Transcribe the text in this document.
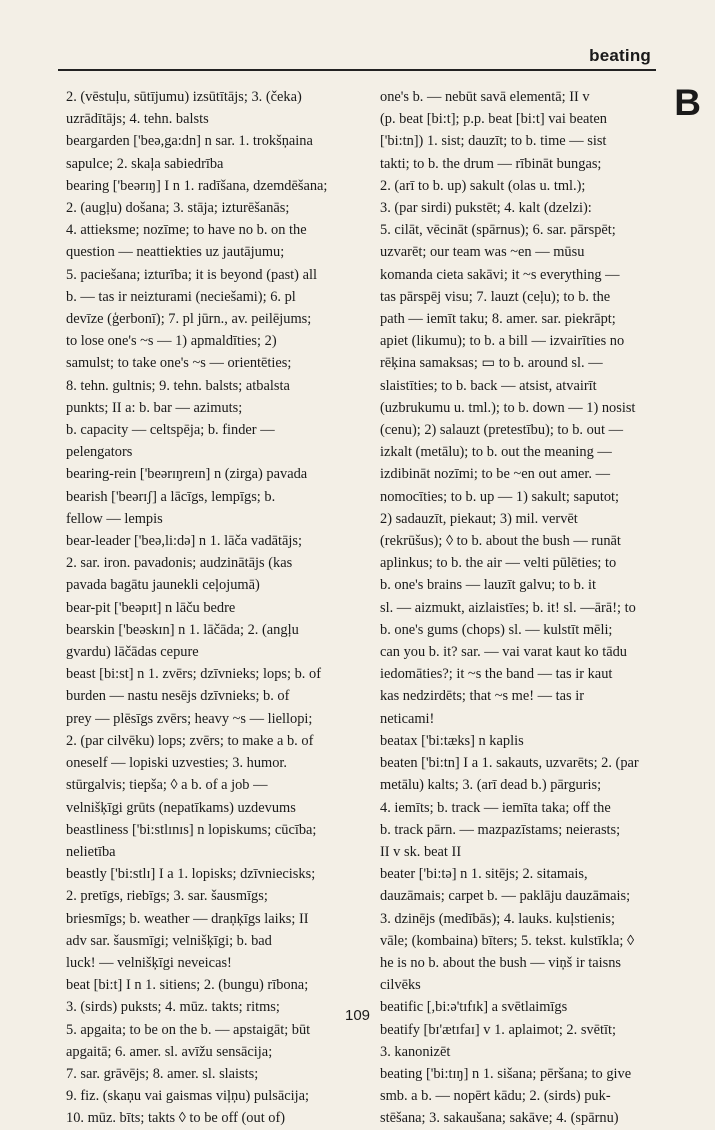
beating
B
2. (vēstuļu, sūtījumu) izsūtītājs; 3. (čeka)
uzrādītājs; 4. tehn. balsts
beargarden ['beə,ga:dn] n sar. 1. trokšņaina
sapulce; 2. skaļa sabiedrība
bearing ['beərɪŋ] I n 1. radīšana, dzemdēšana;
2. (augļu) došana; 3. stāja; izturēšanās;
4. attieksme; nozīme; to have no b. on the
question — neattiekties uz jautājumu;
5. paciešana; izturība; it is beyond (past) all
b. — tas ir neizturami (neciešami); 6. pl
devīze (ģerbonī); 7. pl jūrn., av. peilējums;
to lose one's ~s — 1) apmaldīties; 2)
samulst; to take one's ~s — orientēties;
8. tehn. gultnis; 9. tehn. balsts; atbalsta
punkts; II a: b. bar — azimuts;
b. capacity — celtspēja; b. finder —
pelengators
bearing-rein ['beərɪŋreɪn] n (zirga) pavada
bearish ['beərɪʃ] a lācīgs, lempīgs; b.
fellow — lempis
bear-leader ['beə,li:də] n 1. lāča vadātājs;
2. sar. iron. pavadonis; audzinātājs (kas
pavada bagātu jaunekli ceļojumā)
bear-pit ['beəpɪt] n lāču bedre
bearskin ['beəskɪn] n 1. lāčāda; 2. (angļu
gvardu) lāčādas cepure
beast [bi:st] n 1. zvērs; dzīvnieks; lops; b. of
burden — nastu nesējs dzīvnieks; b. of
prey — plēsīgs zvērs; heavy ~s — liellopi;
2. (par cilvēku) lops; zvērs; to make a b. of
oneself — lopiski uzvesties; 3. humor.
stūrgalvis; tiepša; ◊ a b. of a job —
velnišķīgi grūts (nepatīkams) uzdevums
beastliness ['bi:stlɪnɪs] n lopiskums; cūcība;
nelietība
beastly ['bi:stlɪ] I a 1. lopisks; dzīvniecisks;
2. pretīgs, riebīgs; 3. sar. šausmīgs;
briesmīgs; b. weather — draņķīgs laiks; II
adv sar. šausmīgi; velnišķīgi; b. bad
luck! — velnišķīgi neveicas!
beat [bi:t] I n 1. sitiens; 2. (bungu) rībona;
3. (sirds) puksts; 4. mūz. takts; ritms;
5. apgaita; to be on the b. — apstaigāt; būt
apgaitā; 6. amer. sl. avīžu sensācija;
7. sar. grāvējs; 8. amer. sl. slaists;
9. fiz. (skaņu vai gaismas viļņu) pulsācija;
10. mūz. bīts; takts ◊ to be off (out of)
one's b. — nebūt savā elementā; II v
(p. beat [bi:t]; p.p. beat [bi:t] vai beaten
['bi:tn]) 1. sist; dauzīt; to b. time — sist
takti; to b. the drum — rībināt bungas;
2. (arī to b. up) sakult (olas u. tml.);
3. (par sirdi) pukstēt; 4. kalt (dzelzi):
5. cilāt, vēcināt (spārnus); 6. sar. pārspēt;
uzvarēt; our team was ~en — mūsu
komanda cieta sakāvi; it ~s everything —
tas pārspēj visu; 7. lauzt (ceļu); to b. the
path — iemīt taku; 8. amer. sar. piekrāpt;
apiet (likumu); to b. a bill — izvairīties no
rēķina samaksas; ▭ to b. around sl. —
slaistīties; to b. back — atsist, atvairīt
(uzbrukumu u. tml.); to b. down — 1) nosist
(cenu); 2) salauzt (pretestību); to b. out —
izkalt (metālu); to b. out the meaning —
izdibināt nozīmi; to be ~en out amer. —
nomocīties; to b. up — 1) sakult; saputot;
2) sadauzīt, piekaut; 3) mil. vervēt
(rekrūšus); ◊ to b. about the bush — runāt
aplinkus; to b. the air — velti pūlēties; to
b. one's brains — lauzīt galvu; to b. it
sl. — aizmukt, aizlaistīes; b. it! sl. —ārā!; to
b. one's gums (chops) sl. — kulstīt mēli;
can you b. it? sar. — vai varat kaut ko tādu
iedomāties?; it ~s the band — tas ir kaut
kas nedzirdēts; that ~s me! — tas ir
neticami!
beatax ['bi:tæks] n kaplis
beaten ['bi:tn] I a 1. sakauts, uzvarēts; 2. (par
metālu) kalts; 3. (arī dead b.) pārguris;
4. iemīts; b. track — iemīta taka; off the
b. track pārn. — mazpazīstams; neierasts;
II v sk. beat II
beater ['bi:tə] n 1. sitējs; 2. sitamais,
dauzāmais; carpet b. — paklāju dauzāmais;
3. dzinējs (medībās); 4. lauks. kuļstienis;
vāle; (kombaina) bīters; 5. tekst. kulstīkla; ◊
he is no b. about the bush — viņš ir taisns
cilvēks
beatific [,bi:ə'tɪfɪk] a svētlaimīgs
beatify [bɪ'ætɪfaɪ] v 1. aplaimot; 2. svētīt;
3. kanonizēt
beating ['bi:tɪŋ] n 1. sišana; pēršana; to give
smb. a b. — nopērt kādu; 2. (sirds) puk-
stēšana; 3. sakaušana; sakāve; 4. (spārnu)
109
